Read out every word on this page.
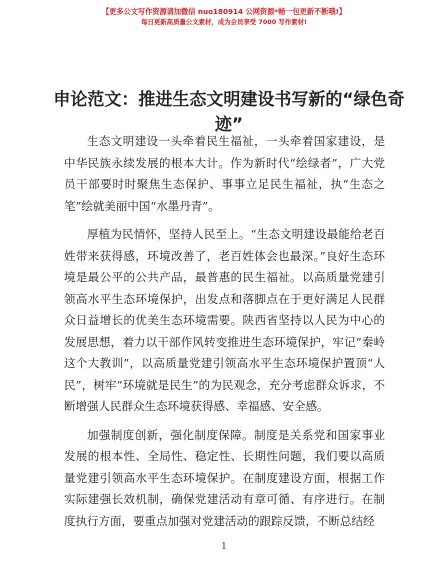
【更多公文写作资源请加微信 nuo180914 公网资源*畅一包更新不断哦!】
每日更新高质量公文素材，成为会员享受 7000 写作素材!
申论范文：推进生态文明建设书写新的“绿色奇迹”

生态文明建设一头牵着民生福祉，一头牵着国家建设，是中华民族永续发展的根本大计。作为新时代“绘绿者”，广大党员干部要时时聚焦生态保护、事事立足民生福祉，执“生态之笔”绘就美丽中国“水墨丹青”。

厚植为民情怀，坚持人民至上。“生态文明建设最能给老百姓带来获得感，环境改善了，老百姓体会也最深。”良好生态环境是最公平的公共产品，最普惠的民生福祉。以高质量党建引领高水平生态环境保护，出发点和落脚点在于更好满足人民群众日益增长的优美生态环境需要。陕西省坚持以人民为中心的发展思想，着力以干部作风转变推进生态环境保护，牢记“秦岭这个大教训”，以高质量党建引领高水平生态环境保护置顶“人民”，树牢“环境就是民生”的为民观念，充分考虑群众诉求，不断增强人民群众生态环境获得感、幸福感、安全感。

加强制度创新，强化制度保障。制度是关系党和国家事业发展的根本性、全局性、稳定性、长期性问题，我们要以高质量党建引领高水平生态环境保护。在制度建设方面，根据工作实际建强长效机制，确保党建活动有章可循、有序进行。在制度执行方面，要重点加强对党建活动的跟踪反馈，不断总结经

1
